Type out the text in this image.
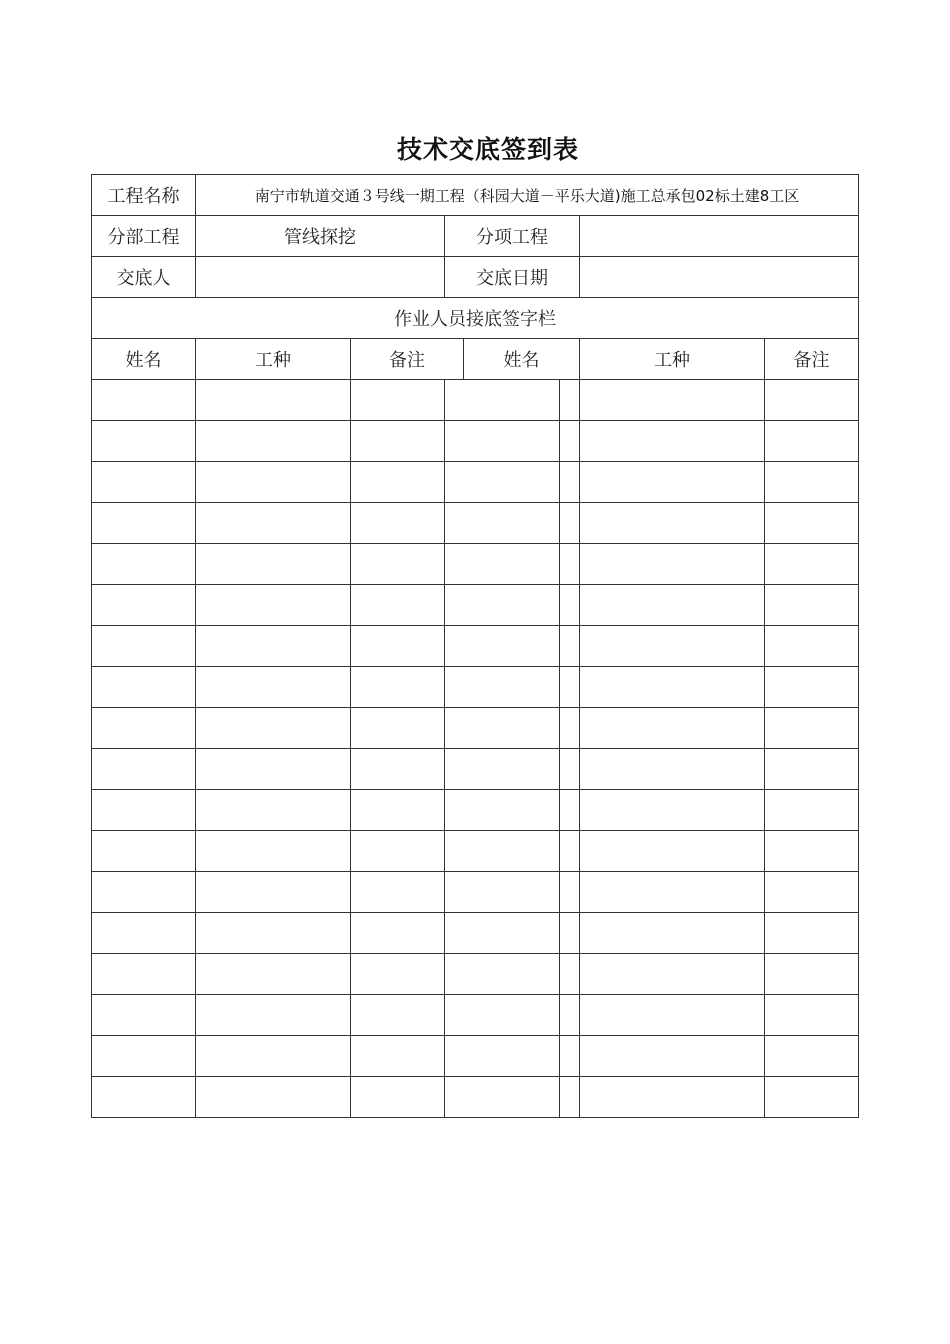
技术交底签到表
工程名称	南宁市轨道交通３号线一期工程（科园大道－平乐大道)施工总承包02标土建8工区						
分部工程	管线探挖		分项工程				
交底人			交底日期				
作业人员接底签字栏							
姓名	工种	备注		姓名		工种	备注
